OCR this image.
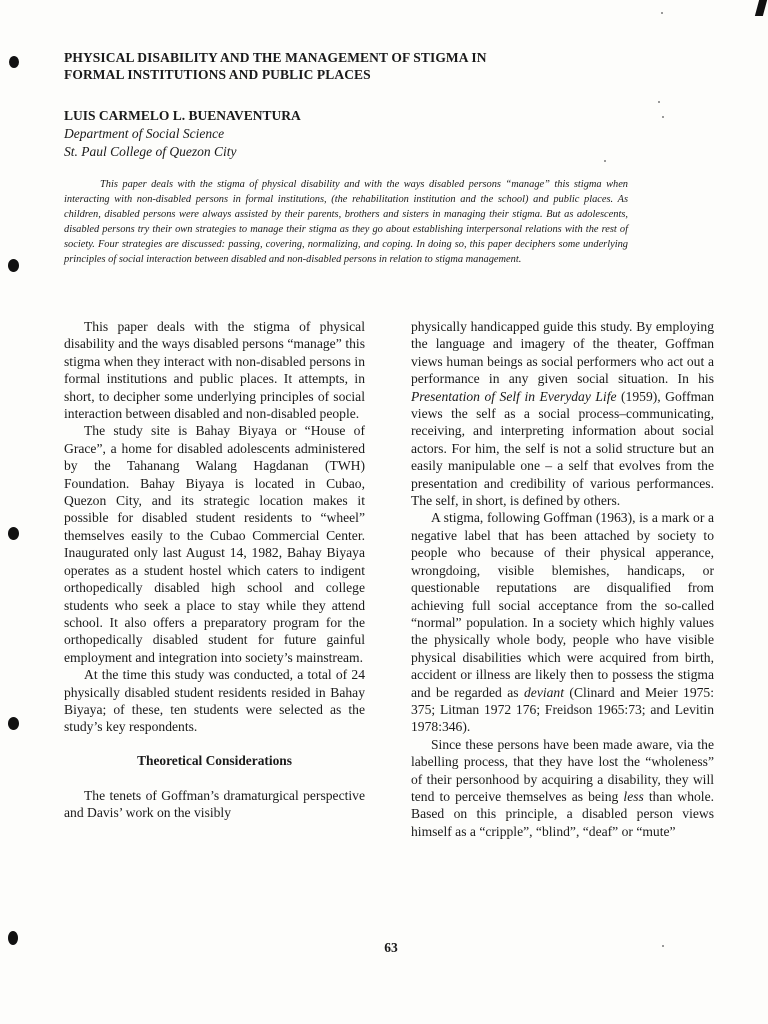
PHYSICAL DISABILITY AND THE MANAGEMENT OF STIGMA IN FORMAL INSTITUTIONS AND PUBLIC PLACES
LUIS CARMELO L. BUENAVENTURA
Department of Social Science
St. Paul College of Quezon City
This paper deals with the stigma of physical disability and with the ways disabled persons “manage” this stigma when interacting with non-disabled persons in formal institutions, (the rehabilitation institution and the school) and public places. As children, disabled persons were always assisted by their parents, brothers and sisters in managing their stigma. But as adolescents, disabled persons try their own strategies to manage their stigma as they go about establishing interpersonal relations with the rest of society. Four strategies are discussed: passing, covering, normalizing, and coping. In doing so, this paper deciphers some underlying principles of social interaction between disabled and non-disabled persons in relation to stigma management.

This paper deals with the stigma of physical disability and the ways disabled persons “manage” this stigma when they interact with non-disabled persons in formal institutions and public places. It attempts, in short, to decipher some underlying principles of social interaction between disabled and non-disabled people.

The study site is Bahay Biyaya or “House of Grace”, a home for disabled adolescents administered by the Tahanang Walang Hagdanan (TWH) Foundation. Bahay Biyaya is located in Cubao, Quezon City, and its strategic location makes it possible for disabled student residents to “wheel” themselves easily to the Cubao Commercial Center. Inaugurated only last August 14, 1982, Bahay Biyaya operates as a student hostel which caters to indigent orthopedically disabled high school and college students who seek a place to stay while they attend school. It also offers a preparatory program for the orthopedically disabled student for future gainful employment and integration into society’s mainstream.

At the time this study was conducted, a total of 24 physically disabled student residents resided in Bahay Biyaya; of these, ten students were selected as the study’s key respondents.

Theoretical Considerations

The tenets of Goffman’s dramaturgical perspective and Davis’ work on the visibly

physically handicapped guide this study. By employing the language and imagery of the theater, Goffman views human beings as social performers who act out a performance in any given social situation. In his Presentation of Self in Everyday Life (1959), Goffman views the self as a social process–communicating, receiving, and interpreting information about social actors. For him, the self is not a solid structure but an easily manipulable one – a self that evolves from the presentation and credibility of various performances. The self, in short, is defined by others.

A stigma, following Goffman (1963), is a mark or a negative label that has been attached by society to people who because of their physical apperance, wrongdoing, visible blemishes, handicaps, or questionable reputations are disqualified from achieving full social acceptance from the so-called “normal” population. In a society which highly values the physically whole body, people who have visible physical disabilities which were acquired from birth, accident or illness are likely then to possess the stigma and be regarded as deviant (Clinard and Meier 1975: 375; Litman 1972 176; Freidson 1965:73; and Levitin 1978:346).

Since these persons have been made aware, via the labelling process, that they have lost the “wholeness” of their personhood by acquiring a disability, they will tend to perceive themselves as being less than whole. Based on this principle, a disabled person views himself as a “cripple”, “blind”, “deaf” or “mute”

63
